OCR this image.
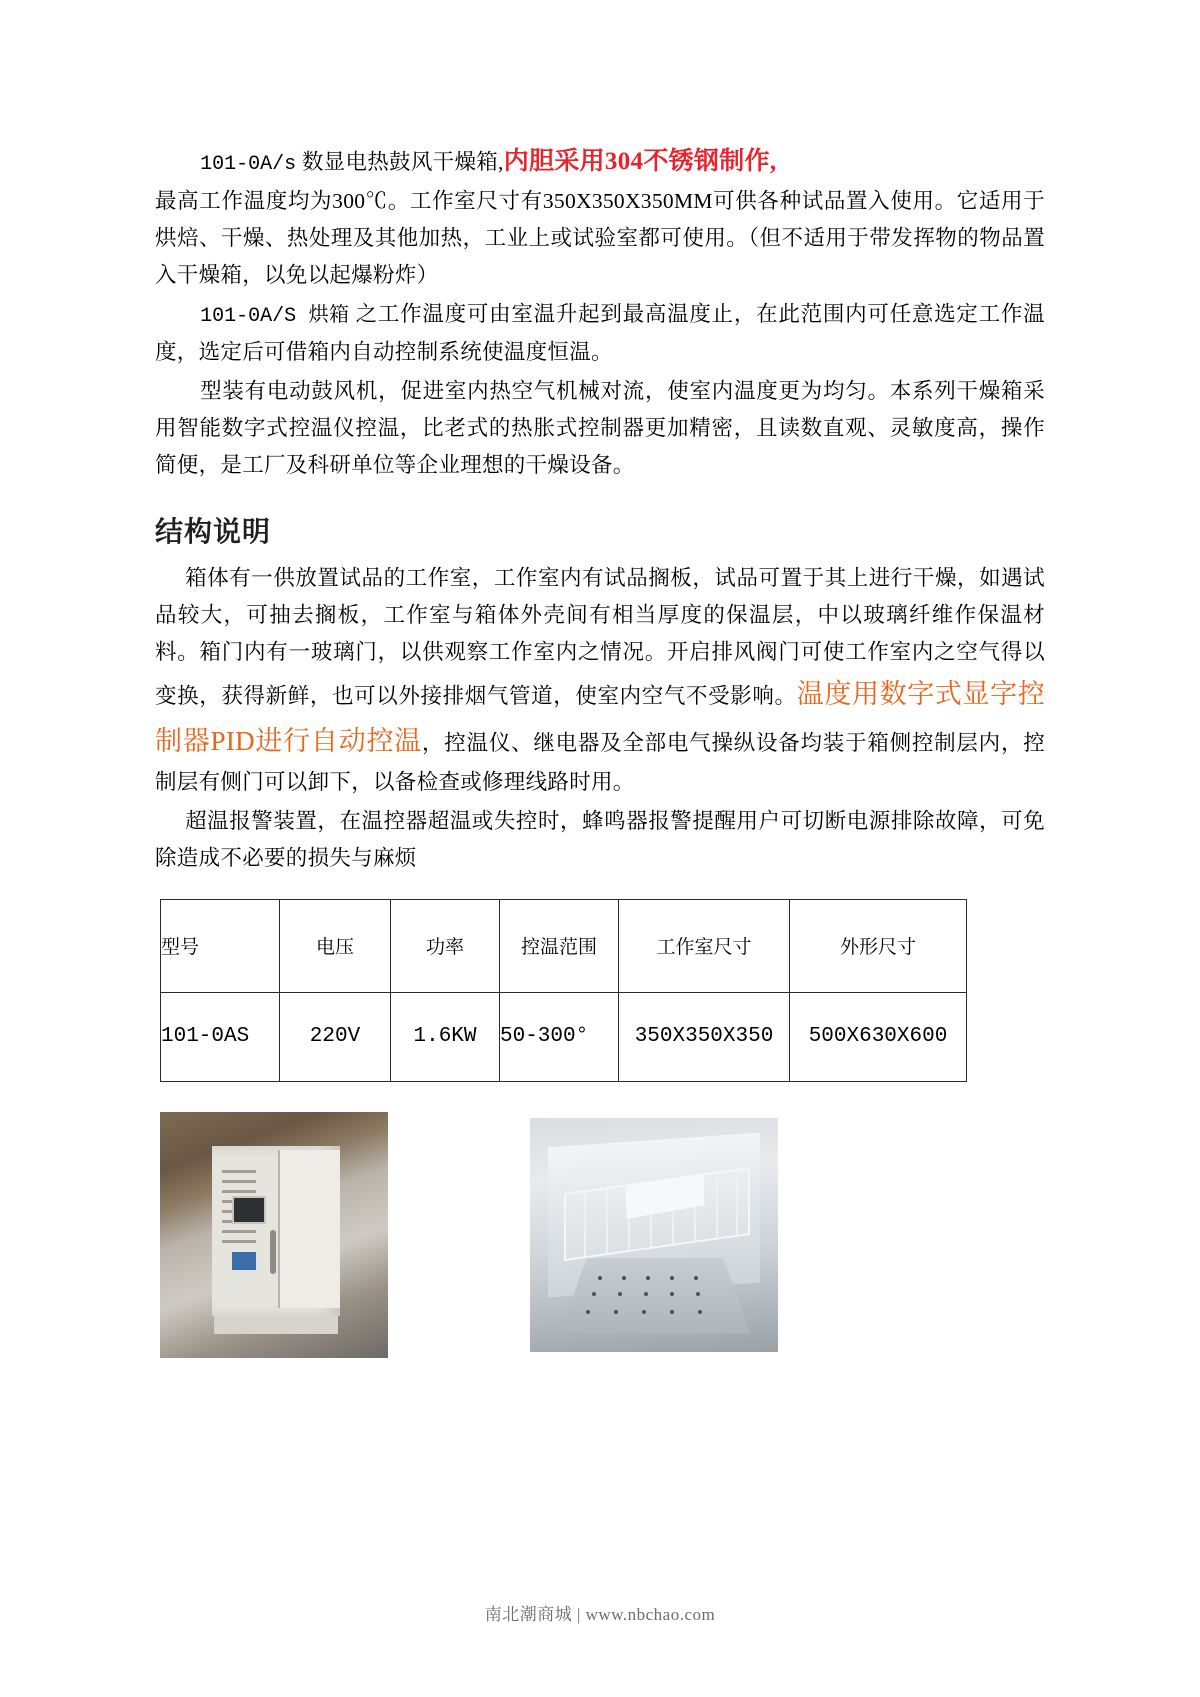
101-0A/s 数显电热鼓风干燥箱,内胆采用304不锈钢制作,

最高工作温度均为300℃。工作室尺寸有350X350X350MM可供各种试品置入使用。它适用于烘焙、干燥、热处理及其他加热，工业上或试验室都可使用。（但不适用于带发挥物的物品置入干燥箱，以免以起爆粉炸）

101-0A/S 烘箱 之工作温度可由室温升起到最高温度止，在此范围内可任意选定工作温度，选定后可借箱内自动控制系统使温度恒温。

型装有电动鼓风机，促进室内热空气机械对流，使室内温度更为均匀。本系列干燥箱采用智能数字式控温仪控温，比老式的热胀式控制器更加精密，且读数直观、灵敏度高，操作简便，是工厂及科研单位等企业理想的干燥设备。

结构说明

箱体有一供放置试品的工作室，工作室内有试品搁板，试品可置于其上进行干燥，如遇试品较大，可抽去搁板，工作室与箱体外壳间有相当厚度的保温层，中以玻璃纤维作保温材料。箱门内有一玻璃门，以供观察工作室内之情况。开启排风阀门可使工作室内之空气得以变换，获得新鲜，也可以外接排烟气管道，使室内空气不受影响。温度用数字式显字控制器PID进行自动控温，控温仪、继电器及全部电气操纵设备均装于箱侧控制层内，控制层有侧门可以卸下，以备检查或修理线路时用。

超温报警装置，在温控器超温或失控时，蜂鸣器报警提醒用户可切断电源排除故障，可免除造成不必要的损失与麻烦

型号	电压	功率	控温范围	工作室尺寸	外形尺寸
101-0AS	220V	1.6KW	50-300°	350X350X350	500X630X600
南北潮商城 | www.nbchao.com
